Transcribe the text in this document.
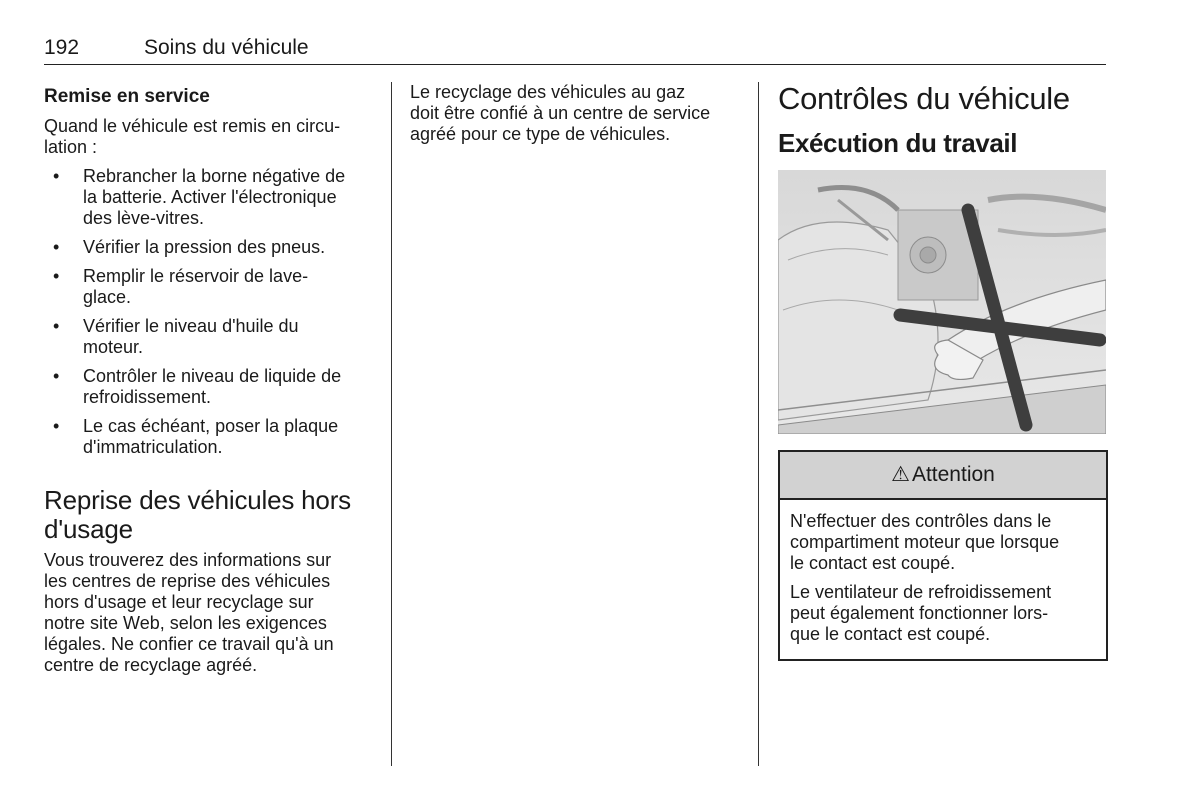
192	Soins du véhicule
Remise en service

Quand le véhicule est remis en circu-
lation :

• Rebrancher la borne négative de
la batterie. Activer l'électronique
des lève-vitres.
• Vérifier la pression des pneus.
• Remplir le réservoir de lave-
glace.
• Vérifier le niveau d'huile du
moteur.
• Contrôler le niveau de liquide de
refroidissement.
• Le cas échéant, poser la plaque
d'immatriculation.
Reprise des véhicules hors
d'usage

Vous trouverez des informations sur
les centres de reprise des véhicules
hors d'usage et leur recyclage sur
notre site Web, selon les exigences
légales. Ne confier ce travail qu'à un
centre de recyclage agréé.

Le recyclage des véhicules au gaz
doit être confié à un centre de service
agréé pour ce type de véhicules.

Contrôles du véhicule
Exécution du travail
⚠Attention

N'effectuer des contrôles dans le
compartiment moteur que lorsque
le contact est coupé.

Le ventilateur de refroidissement
peut également fonctionner lors-
que le contact est coupé.
